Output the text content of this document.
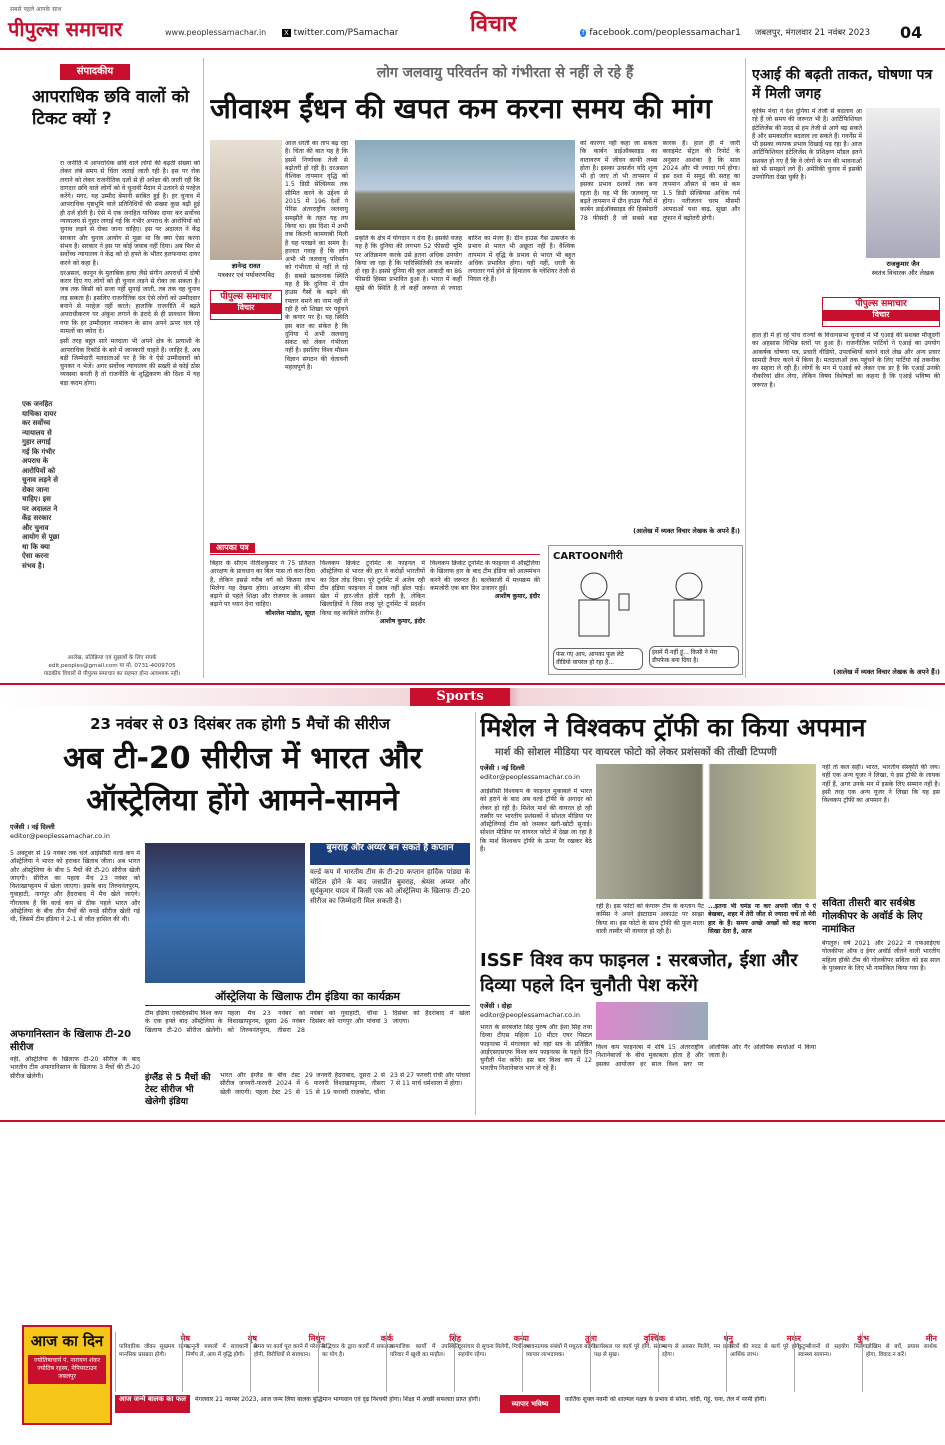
सबसे पहले आपके साथ
पीपुल्स समाचार	www.peoplessamachar.in	X twitter.com/PSamachar	विचार	f facebook.com/peoplessamachar1 जबलपुर, मंगलवार 21 नवंबर 2023 04
संपादकीय
आपराधिक छवि वालों को टिकट क्यों ?

रा जनीति में आपराधिक छवि वाले लोगों की बढ़ती संख्या को लेकर लंबे समय से चिंता जताई जाती रही है। इस पर रोक लगाने को लेकर राजनीतिक दलों से ही अपेक्षा की जाती रही कि दागदार छवि वाले लोगों को वे चुनावी मैदान में उतारने से परहेज करेंगे। मगर, यह उम्मीद बेमानी साबित हुई है। हर चुनाव में आपराधिक पृष्ठभूमि वाले प्रतिनिधियों की संख्या कुछ बढ़ी हुई ही दर्ज होती है। ऐसे में एक जनहित याचिका दायर कर सर्वोच्च न्यायालय से गुहार लगाई गई कि गंभीर अपराध के आरोपियों को चुनाव लड़ने से रोका जाना चाहिए। इस पर अदालत ने केंद्र सरकार और चुनाव आयोग से पूछा था कि क्या ऐसा करना संभव है। सरकार ने इस पर कोई जवाब नहीं दिया। अब फिर से सर्वोच्च न्यायालय ने केंद्र को दो हफ्ते के भीतर हलफनामा दायर करने को कहा है।

दरअसल, कानून के मुताबिक हत्या जैसे संगीन अपराधों में दोषी करार दिए गए लोगों को ही चुनाव लड़ने से रोका जा सकता है। जब तक किसी को सजा नहीं सुनाई जाती, तब तक वह चुनाव लड़ सकता है। इसलिए राजनीतिक दल ऐसे लोगों को उम्मीदवार बनाने से परहेज नहीं करते। हालांकि राजनीति में बढ़ते अपराधीकरण पर अंकुश लगाने के इरादे से ही प्रावधान किया गया कि हर उम्मीदवार नामांकन के साथ अपने ऊपर चल रहे मामलों का ब्योरा दे।

इसी तरह बहुत सारे मतदाता भी अपने क्षेत्र के प्रत्याशी के आपराधिक रिकॉर्ड के बारे में जानकारी चाहते हैं। जाहिर है, अब बड़ी जिम्मेदारी मतदाताओं पर है कि वे ऐसे उम्मीदवारों को चुनकर न भेजें। अगर सर्वोच्च न्यायालय की सख्ती से कोई ठोस व्यवस्था बनती है तो राजनीति के शुद्धिकरण की दिशा में यह बड़ा कदम होगा।

एक जनहित याचिका दायर कर सर्वोच्च न्यायालय से गुहार लगाई गई कि गंभीर अपराध के आरोपियों को चुनाव लड़ने से रोका जाना चाहिए। इस पर अदालत ने केंद्र सरकार और चुनाव आयोग से पूछा था कि क्या ऐसा करना संभव है।
आलेख, प्रतिक्रिया एवं सुझावों के लिए संपर्क
edit.peoples@gmail.com या मो. 0731-4009705
पाठकीय विचारों से पीपुल्स समाचार का सहमत होना आवश्यक नहीं।
लोग जलवायु परिवर्तन को गंभीरता से नहीं ले रहे हैं
जीवाश्म ईंधन की खपत कम करना समय की मांग
ज्ञानेन्द्र रावत
पत्रकार एवं पर्यावरणविद
पीपुल्स समाचार
विचार
आज धरती का ताप बढ़ रहा है। चिंता की बात यह है कि इसमें निर्णायक तेजी से बढ़ोतरी हो रही है। दरअसल वैश्विक तापमान वृद्धि को 1.5 डिग्री सेल्सियस तक सीमित करने के उद्देश्य से 2015 में 196 देशों ने पेरिस अंतरराष्ट्रीय जलवायु समझौते के तहत यह तय किया था। इस दिशा में अभी तक कितनी कामयाबी मिली है यह परखने का समय है। हालात गवाह हैं कि लोग अभी भी जलवायु परिवर्तन को गंभीरता से नहीं ले रहे हैं। सबसे खतरनाक स्थिति यह है कि दुनिया में ग्रीन हाउस गैसों के बढ़ने की रफ्तार थमने का नाम नहीं ले रही है जो शिखर पर पहुंचने के कगार पर है। यह स्थिति इस बात का संकेत है कि दुनिया में अभी जलवायु संकट को लेकर गंभीरता नहीं है। इसलिए विश्व मौसम विज्ञान संगठन की चेतावनी महत्वपूर्ण है।
प्रकृति के क्षेत्र में योगदान न देना है। इसकी वजह यह है कि दुनिया की लगभग 52 फीसदी भूमि पर अतिक्रमण करके उसे इतना अधिक उपयोग किया जा रहा है कि पारिस्थितिकी तंत्र कमजोर हो रहा है। इससे दुनिया की कुल आबादी का 86 फीसदी हिस्सा प्रभावित हुआ है। भारत में कहीं सूखे की स्थिति है तो कहीं जरूरत से ज्यादा बारिश का मंजर है। ग्रीन हाउस गैस उत्सर्जन के प्रभाव से भारत भी अछूता नहीं है। वैश्विक तापमान में वृद्धि के प्रभाव से भारत भी बहुत अधिक प्रभावित होगा। यही नहीं, धरती के लगातार गर्म होने से हिमालय के ग्लेशियर तेजी से पिघल रहे हैं।
को कारगर नहीं कहा जा सकता कि कार्बन डाईऑक्साइड का वातावरण में जीवन काफी लम्बा होता है। इसका उत्सर्जन यदि शून्य भी हो जाए तो भी तापमान में इसका प्रभाव दशकों तक बना रहता है। यह भी कि जलवायु पर बढ़ते तापमान में ग्रीन हाउस गैसों में कार्बन डाईऑक्साइड की हिस्सेदारी 78 फीसदी है जो सबसे बड़ा कारक है। हाल ही में जारी क्लाइमेट सेंट्रल की रिपोर्ट के अनुसार आशंका है कि साल 2024 और भी ज्यादा गर्म होगा। इस दशा में समुद्र की सतह का तापमान औसत से कम से कम 1.5 डिग्री सेल्सियस अधिक गर्म होगा। नतीजतन चरम मौसमी आपदाओं यथा बाढ़, सूखा और तूफान में बढ़ोतरी होगी।
(आलेख में व्यक्त विचार लेखक के अपने हैं।)
आपका पत्र
बिहार के सीएम नीतीशकुमार ने 75 प्रतिशत आरक्षण के प्रावधान का बिल पास तो करा दिया है, लेकिन इससे गरीब वर्ग को कितना लाभ मिलेगा यह देखना होगा। आरक्षण की सीमा बढ़ाने से पहले शिक्षा और रोजगार के अवसर बढ़ाने पर ध्यान देना चाहिए।
कौशलेश मांडोत, सूरत
विश्वकप क्रिकेट टूर्नामेंट के फाइनल में ऑस्ट्रेलिया से भारत की हार ने करोड़ों भारतीयों का दिल तोड़ दिया। पूरे टूर्नामेंट में अजेय रही टीम इंडिया फाइनल में दबाव नहीं झेल पाई। खेल में हार-जीत होती रहती है, लेकिन खिलाड़ियों ने जिस तरह पूरे टूर्नामेंट में प्रदर्शन किया वह काबिले तारीफ है।
आशीष कुमार, इंदौर
विश्वकप क्रिकेट टूर्नामेंट के फाइनल में ऑस्ट्रेलिया के खिलाफ हार के बाद टीम इंडिया को आत्ममंथन करने की जरूरत है। बल्लेबाजी में मध्यक्रम की कमजोरी एक बार फिर उजागर हुई।
आशीष कुमार, इंदौर
CARTOONगीरी
फंस गए आप, आपका फुल लेटे वीडियो वायरल हो रहा है...
इसमें मैं नहीं हूं... किसी ने मेरा डीपफेक बना दिया है।
एआई की बढ़ती ताकत, घोषणा पत्र में मिली जगह
कृत्रिम मेधा ने देश दुनिया में तेजी से बदलाव आ रहे हैं जो समय की जरूरत भी है। आर्टिफिशियल इंटेलिजेंस की मदद से हम तेजी से आगे बढ़ सकते हैं और समकालीन बदलाव ला सकते हैं। गवर्नेंस में भी इसका व्यापक प्रभाव दिखाई पड़ रहा है। आज आर्टिफिशियल इंटेलिजेंस के प्रशिक्षण मॉडल इतने सशक्त हो गए हैं कि वे लोगों के मन की भावनाओं को भी समझने लगे हैं। अमेरिकी चुनाव में इसकी उपयोगिता देखा चुकी है।
राजकुमार जैन
स्वतंत्र विचारक और लेखक
पीपुल्स समाचार
विचार
हाल ही में हो रहे पांच राज्यों के विधानसभा चुनावों में भी एआई की सशक्त मौजूदगी का अहसास विभिन्न स्तरों पर हुआ है। राजनीतिक पार्टियों ने एआई का उपयोग आकर्षक घोषणा पत्र, प्रचारी वीडियो, उपलब्धियों बताने वाले लेख और अन्य प्रचार सामग्री तैयार करने में किया है। मतदाताओं तक पहुंचने के लिए पार्टियां नई तकनीक का सहारा ले रही हैं। लोगों के मन में एआई को लेकर एक डर है कि एआई उनकी नौकरियां छीन लेगा, लेकिन विषय विशेषज्ञों का कहना है कि एआई भविष्य की जरूरत है।
(आलेख में व्यक्त विचार लेखक के अपने हैं।)
Sports
23 नवंबर से 03 दिसंबर तक होगी 5 मैचों की सीरीज
अब टी-20 सीरीज में भारत और ऑस्ट्रेलिया होंगे आमने-सामने
एजेंसी । नई दिल्ली
editor@peoplessamachar.co.in
5 अक्टूबर से 19 नवंबर तक चले आईसीसी वर्ल्ड कप में ऑस्ट्रेलिया ने भारत को हराकर खिताब जीता। अब भारत और ऑस्ट्रेलिया के बीच 5 मैचों की टी-20 सीरीज खेली जाएगी। सीरीज का पहला मैच 23 नवंबर को विशाखापट्टनम में खेला जाएगा। इसके बाद तिरुवनंतपुरम, गुवाहाटी, नागपुर और हैदराबाद में मैच खेले जाएंगे। गौरतलब है कि वर्ल्ड कप से ठीक पहले भारत और ऑस्ट्रेलिया के बीच तीन मैचों की वनडे सीरीज खेली गई थी, जिसमें टीम इंडिया ने 2-1 से जीत हासिल की थी।
अफगानिस्तान के खिलाफ टी-20 सीरीज
वहीं, ऑस्ट्रेलिया के खिलाफ टी-20 सीरीज के बाद भारतीय टीम अफगानिस्तान के खिलाफ 3 मैचों की टी-20 सीरीज खेलेगी।
बुमराह और अय्यर बन सकते हैं कप्तान
वर्ल्ड कप में भारतीय टीम के टी-20 कप्तान हार्दिक पांड्या के चोटिल होने के बाद जसप्रीत बुमराह, श्रेयस अय्यर और सूर्यकुमार यादव में किसी एक को ऑस्ट्रेलिया के खिलाफ टी-20 सीरीज का जिम्मेदारी मिल सकती है।
ऑस्ट्रेलिया के खिलाफ टीम इंडिया का कार्यक्रम
टीम इंडिया एकदिवसीय विश्व कप के एक हफ्ते बाद ऑस्ट्रेलिया के खिलाफ टी-20 सीरीज खेलेगी। पहला मैच 23 नवंबर को विशाखापट्टनम, दूसरा 26 नवंबर को तिरुवनंतपुरम, तीसरा 28 नवंबर को गुवाहाटी, चौथा 1 दिसंबर को नागपुर और पांचवां 3 दिसंबर को हैदराबाद में खेला जाएगा।
इंग्लैंड से 5 मैचों की टेस्ट सीरीज भी खेलेगी इंडिया
भारत और इंग्लैंड के बीच टेस्ट सीरीज जनवरी-फरवरी 2024 में खेली जाएगी। पहला टेस्ट 25 से 29 जनवरी हैदराबाद, दूसरा 2 से 6 फरवरी विशाखापट्टनम, तीसरा 15 से 19 फरवरी राजकोट, चौथा 23 से 27 फरवरी रांची और पांचवां 7 से 11 मार्च धर्मशाला में होगा।
मिशेल ने विश्वकप ट्रॉफी का किया अपमान
मार्श की सोशल मीडिया पर वायरल फोटो को लेकर प्रशंसकों की तीखी टिप्पणी
एजेंसी । नई दिल्ली
editor@peoplessamachar.co.in
आईसीसी विश्वकप के फाइनल मुकाबले में भारत को हराने के बाद अब वर्ल्ड ट्रॉफी के अनादर को लेकर हो रही है। मिशेल मार्श की वायरल हो रही तस्वीर पर भारतीय प्रशंसकों ने सोशल मीडिया पर ऑस्ट्रेलियाई टीम को जमकर खरी-खोटी सुनाई। सोशल मीडिया पर वायरल फोटो में देखा जा रहा है कि मार्श विश्वकप ट्रॉफी के ऊपर पैर रखकर बैठे हैं।
रही है। इस फोटो को कंगारू टीम के कप्तान पैट कमिंस ने अपने इंस्टाग्राम अकाउंट पर साझा किया था। इस फोटो के साथ ट्रॉफी की फूल माला वाली तस्वीर भी वायरल हो रही है।
...इतना भी घमंड ना कर अपनी जीत पे ऐ बेखबर, शहर में तेरी जीत से ज्यादा चर्चे तो मेरी हार के हैं। समय अच्छे अच्छों को कद्र करना सिखा देता है, आज
नहीं तो कल सही। भारत, भारतीय संस्कृति की जय। वहीं एक अन्य यूजर ने लिखा, ये इस ट्रॉफी के लायक नहीं हैं, अगर उनके मन में इसके लिए सम्मान नहीं है। इसी तरह एक अन्य यूजर ने लिखा कि यह इस विश्वकप ट्रॉफी का अपमान है।
सविता तीसरी बार सर्वश्रेष्ठ गोलकीपर के अवॉर्ड के लिए नामांकित
बेंगलुरु। वर्ष 2021 और 2022 में एफआईएच गोलकीपर ऑफ द ईयर अवॉर्ड जीतने वाली भारतीय महिला हॉकी टीम की गोलकीपर सविता को इस साल के पुरस्कार के लिए भी नामांकित किया गया है।
ISSF विश्व कप फाइनल : सरबजोत, ईशा और दिव्या पहले दिन चुनौती पेश करेंगे
एजेंसी । दोहा
editor@peoplessamachar.co.in
भारत के सरबजोत सिंह पुरुष और ईशा सिंह तथा दिव्या टीएस महिला 10 मीटर एयर पिस्टल फाइनल्स में मंगलवार को यहां सत्र के प्रतिष्ठित आईएसएसएफ विश्व कप फाइनल्स के पहले दिन चुनौती पेश करेंगे। इस बार विश्व कप में 12 भारतीय निशानेबाज भाग ले रहे हैं।
विश्व कप फाइनल्स में शीर्ष 15 अंतरराष्ट्रीय निशानेबाजों के बीच मुकाबला होता है और इसका आयोजन हर साल विश्व स्तर पर ओलंपिक और गैर ओलंपिक स्पर्धाओं में किया जाता है।
आज का दिन
ज्योतिषाचार्य पं. नारायण शंकर ज्योतिष रहस्य, नेपियरटाउन जबलपुर
मेष
पारिवारिक जीवन सुखमय रहेगा, मानसिक प्रसन्नता होगी।
वृष
कानूनी मामलों में सावधानी से निर्णय लें, आय में वृद्धि होगी।
मिथुन
समय पर कार्य पूरा करने में परेशानी होगी, विरोधियों से सावधान।
कर्क
सद्भिचार के द्वारा कार्यों में सफलता का योग है।
सिंह
सामाजिक कार्यों में उपस्थिति, परिवार में खुशी का माहौल।
कन्या
दूरसंचार से सूचना मिलेगी, मित्रों का सहयोग रहेगा।
तुला
भावनात्मक संबंधों में मधुरता बढ़ेगी, व्यापार लाभदायक।
वृश्चिक
कार्यस्थल पर कार्य पूरे होंगे, संतान पक्ष से सुख।
धनु
भाग्य से अवसर मिलेंगे, मन प्रसन्न रहेगा।
मकर
मित्रों की मदद से कार्य पूरे होंगे, आर्थिक लाभ।
कुंभ
कुटुम्बीजनों से सहयोग मिलेगा, स्वास्थ्य सामान्य।
मीन
जोखिम से बचें, प्रयास सार्थक होगा, विवाद न करें।
आज जन्मे बालक का फल	मंगलवार 21 नवम्बर 2023, आज जन्म लिया बालक बुद्धिमान भाग्यवान एवं दृढ़ निश्चयी होगा। शिक्षा में अच्छी सफलता प्राप्त होगी।
व्यापार भविष्य
कार्तिक शुक्ल नवमी को शाल्मल नक्षत्र के प्रभाव से सोना, चांदी, गेहूं, चना, तेल में नरमी होगी।
